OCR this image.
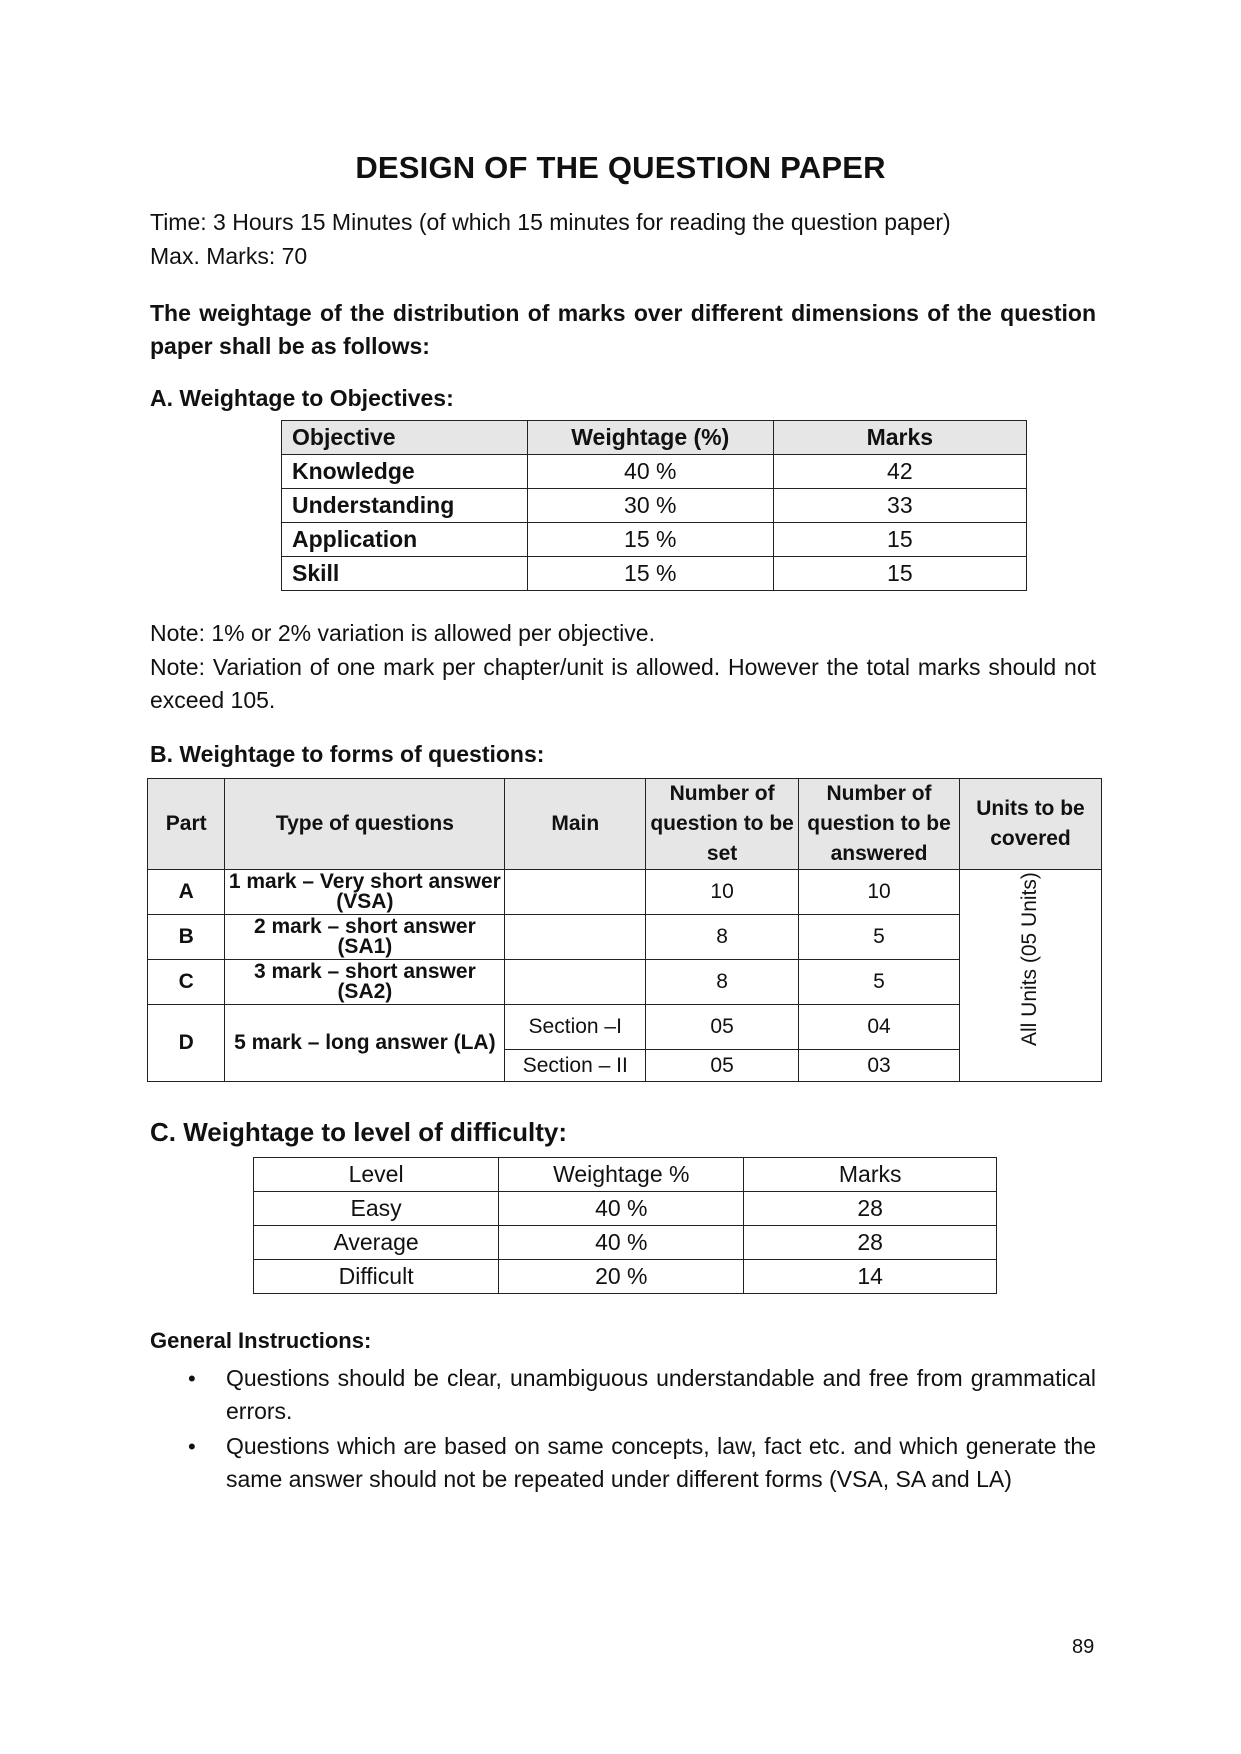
DESIGN OF THE QUESTION PAPER
Time: 3 Hours 15 Minutes (of which 15 minutes for reading the question paper)
Max. Marks: 70
The weightage of the distribution of marks over different dimensions of the question paper shall be as follows:
A. Weightage to Objectives:
Objective	Weightage (%)	Marks
Knowledge	40 %	42
Understanding	30 %	33
Application	15 %	15
Skill	15 %	15
Note: 1% or 2% variation is allowed per objective.
Note: Variation of one mark per chapter/unit is allowed. However the total marks should not exceed 105.
B. Weightage to forms of questions:
Part	Type of questions	Main	Number of question to be set	Number of question to be answered	Units to be covered
A	1 mark – Very short answer (VSA)		10	10	All Units (05 Units)
B	2 mark – short answer (SA1)		8	5	
C	3 mark – short answer (SA2)		8	5	
D	5 mark – long answer (LA)	Section –I	05	04	
		Section – II	05	03	
C. Weightage to level of difficulty:
Level	Weightage %	Marks
Easy	40 %	28
Average	40 %	28
Difficult	20 %	14
General Instructions:
• Questions should be clear, unambiguous understandable and free from grammatical errors.
• Questions which are based on same concepts, law, fact etc. and which generate the same answer should not be repeated under different forms (VSA, SA and LA)
89
